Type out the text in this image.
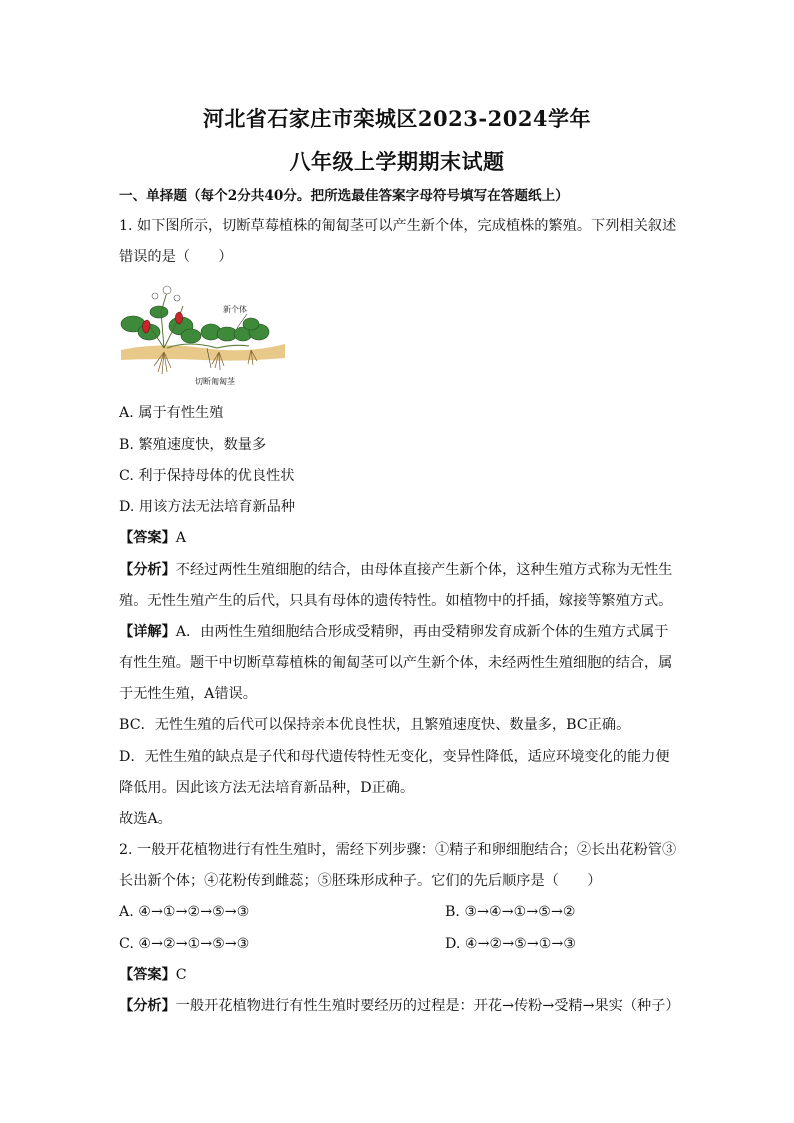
河北省石家庄市栾城区2023-2024学年
八年级上学期期末试题
一、单择题（每个2分共40分。把所选最佳答案字母符号填写在答题纸上）
1. 如下图所示，切断草莓植株的匍匐茎可以产生新个体，完成植株的繁殖。下列相关叙述
错误的是（　　）
新个体
切断匍匐茎
A. 属于有性生殖
B. 繁殖速度快，数量多
C. 利于保持母体的优良性状
D. 用该方法无法培育新品种
【答案】A
【分析】不经过两性生殖细胞的结合，由母体直接产生新个体，这种生殖方式称为无性生
殖。无性生殖产生的后代，只具有母体的遗传特性。如植物中的扦插，嫁接等繁殖方式。
【详解】A．由两性生殖细胞结合形成受精卵，再由受精卵发育成新个体的生殖方式属于
有性生殖。题干中切断草莓植株的匍匐茎可以产生新个体，未经两性生殖细胞的结合，属
于无性生殖，A错误。
BC．无性生殖的后代可以保持亲本优良性状，且繁殖速度快、数量多，BC正确。
D．无性生殖的缺点是子代和母代遗传特性无变化，变异性降低，适应环境变化的能力便
降低用。因此该方法无法培育新品种，D正确。
故选A。
2. 一般开花植物进行有性生殖时，需经下列步骤：①精子和卵细胞结合；②长出花粉管③
长出新个体；④花粉传到雌蕊；⑤胚珠形成种子。它们的先后顺序是（　　）
A. ④→①→②→⑤→③	B. ③→④→①→⑤→②
C. ④→②→①→⑤→③	D. ④→②→⑤→①→③
【答案】C
【分析】一般开花植物进行有性生殖时要经历的过程是：开花→传粉→受精→果实（种子）
